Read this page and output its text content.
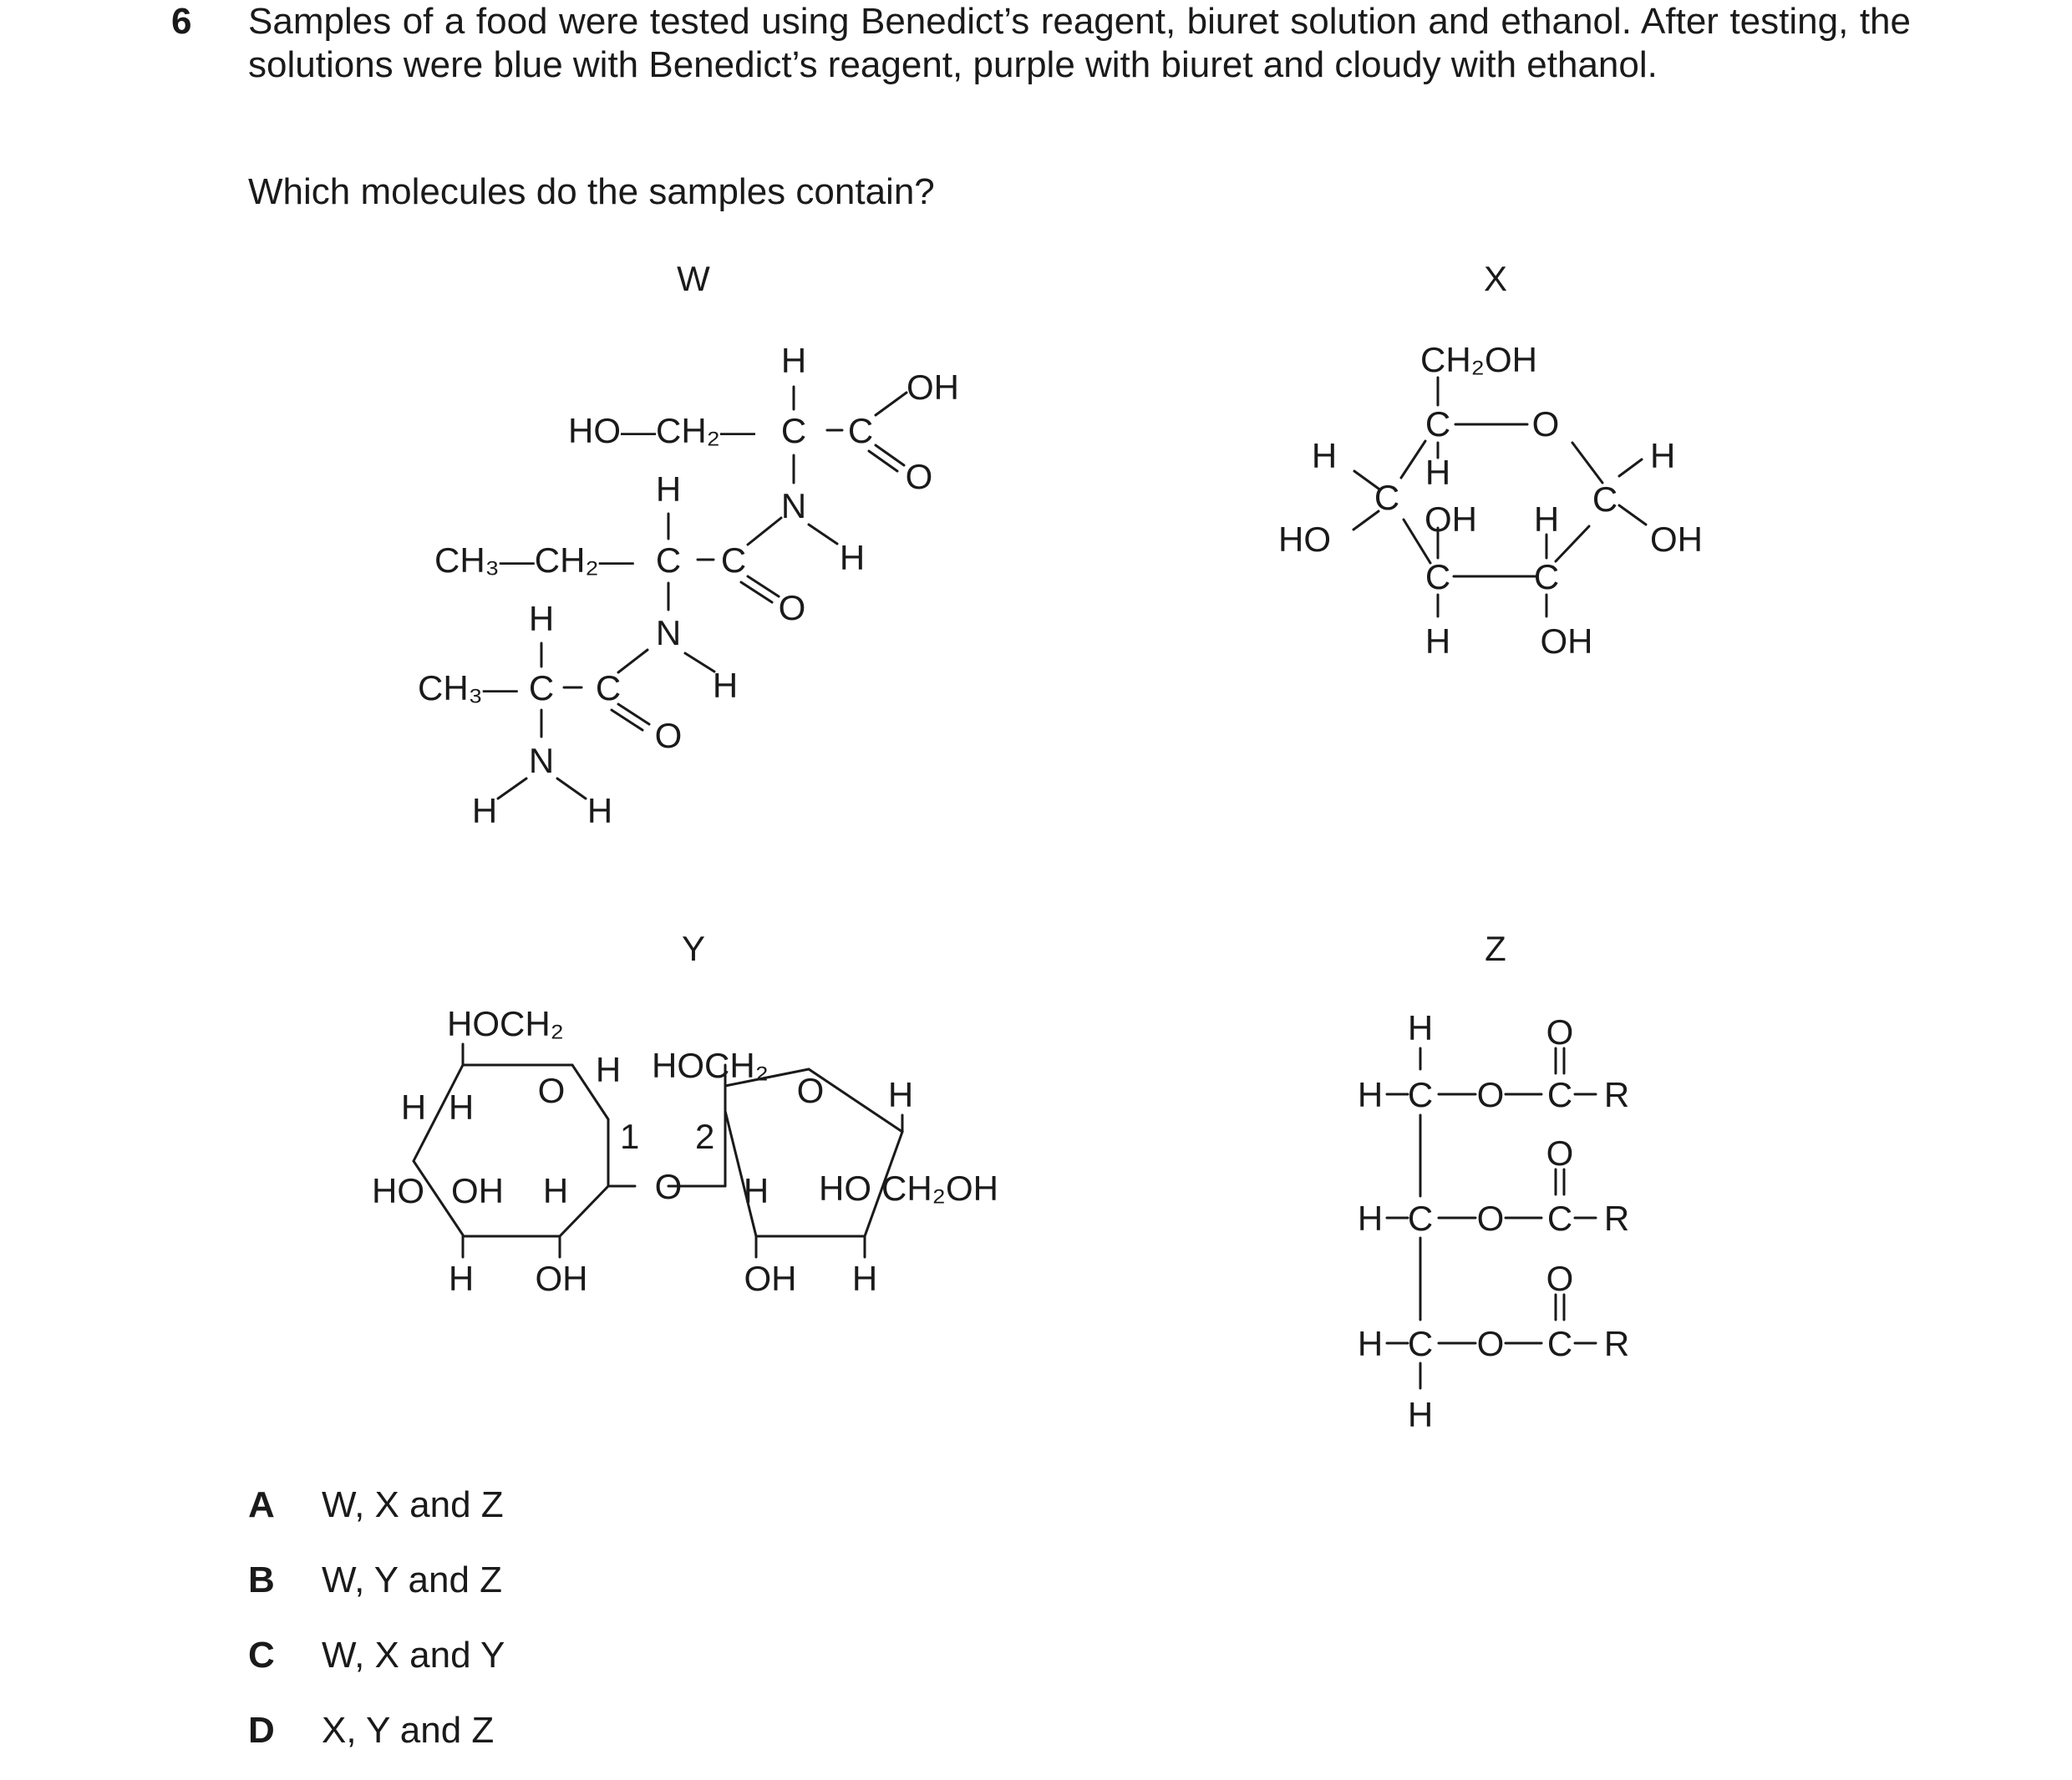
6 Samples of a food were tested using Benedict’s reagent, biuret solution and ethanol. After testing, the solutions were blue with Benedict’s reagent, purple with biuret and cloudy with ethanol.
Which molecules do the samples contain?
W
H
OH
HO—CH₂— C C
O
N
H
H
CH₃—CH₂— C C
O
N
H
H
CH₃— C C
O
N
H	H
X
CH₂OH
C O
H
H
C
HO
OH H
C
H
OH
C C
H	OH
Y
HOCH₂
O
H H
H
1
HO OH H
H OH
O
HOCH₂
O H
2
H HO CH₂OH
OH H
Z
H	O
H C O C R
O
H C O C R
O
H C O C R
H
A W, X and Z
B W, Y and Z
C W, X and Y
D X, Y and Z
